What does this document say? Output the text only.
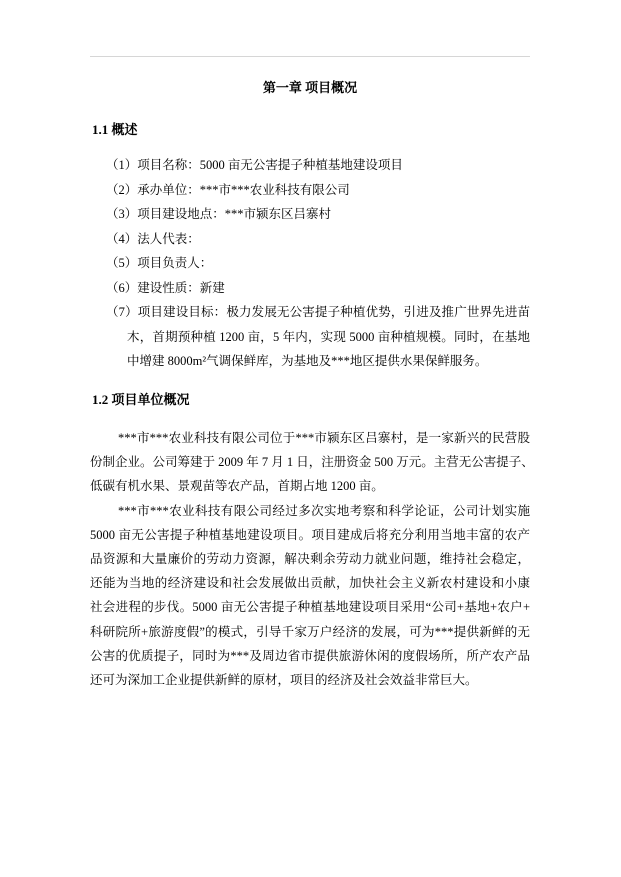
第一章 项目概况
1.1 概述
（1）项目名称：5000 亩无公害提子种植基地建设项目
（2）承办单位：***市***农业科技有限公司
（3）项目建设地点：***市颍东区吕寨村
（4）法人代表：
（5）项目负责人：
（6）建设性质：新建
（7）项目建设目标：极力发展无公害提子种植优势，引进及推广世界先进苗
木，首期预种植 1200 亩，5 年内，实现 5000 亩种植规模。同时，在基地
中增建 8000m²气调保鲜库，为基地及***地区提供水果保鲜服务。
1.2 项目单位概况
***市***农业科技有限公司位于***市颍东区吕寨村，是一家新兴的民营股
份制企业。公司筹建于 2009 年 7 月 1 日，注册资金 500 万元。主营无公害提子、
低碳有机水果、景观苗等农产品，首期占地 1200 亩。
***市***农业科技有限公司经过多次实地考察和科学论证，公司计划实施
5000 亩无公害提子种植基地建设项目。项目建成后将充分利用当地丰富的农产
品资源和大量廉价的劳动力资源，解决剩余劳动力就业问题，维持社会稳定，
还能为当地的经济建设和社会发展做出贡献，加快社会主义新农村建设和小康
社会进程的步伐。5000 亩无公害提子种植基地建设项目采用“公司+基地+农户+
科研院所+旅游度假”的模式，引导千家万户经济的发展，可为***提供新鲜的无
公害的优质提子，同时为***及周边省市提供旅游休闲的度假场所，所产农产品
还可为深加工企业提供新鲜的原材，项目的经济及社会效益非常巨大。
